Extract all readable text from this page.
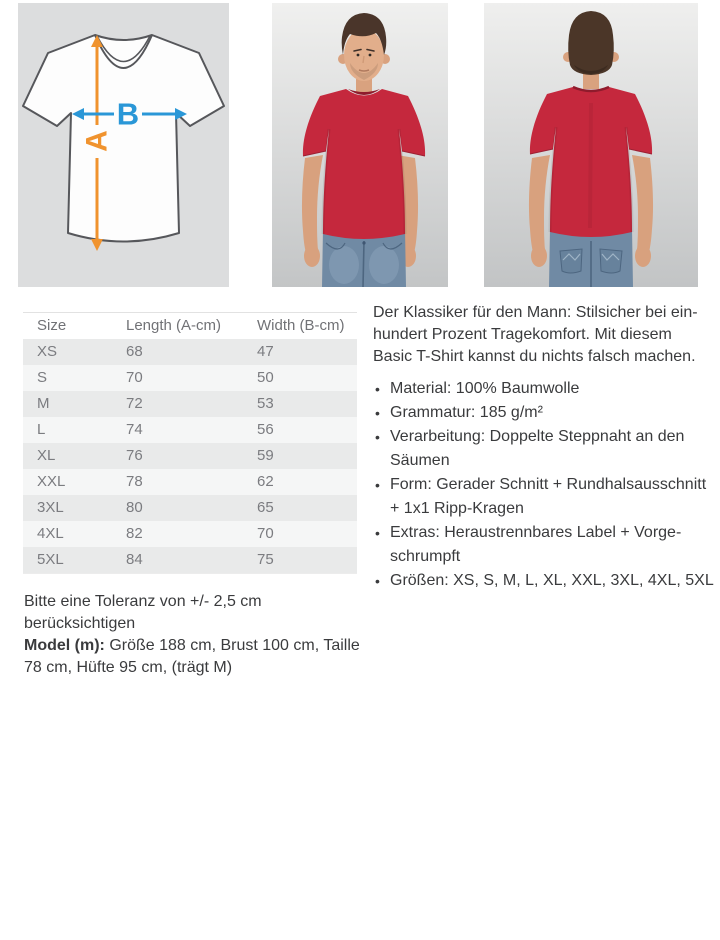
A
B
Size	Length (A-cm)	Width (B-cm)
XS	68	47
S	70	50
M	72	53
L	74	56
XL	76	59
XXL	78	62
3XL	80	65
4XL	82	70
5XL	84	75
Der Klassiker für den Mann: Stilsicher bei ein-
hundert Prozent Tragekomfort. Mit diesem
Basic T-Shirt kannst du nichts falsch machen.
• Material: 100% Baumwolle
• Grammatur: 185 g/m²
• Verarbeitung: Doppelte Steppnaht an den Säumen
• Form: Gerader Schnitt + Rundhalsausschnitt + 1x1 Ripp-Kragen
• Extras: Heraustrennbares Label + Vorgeschrumpft
• Größen: XS, S, M, L, XL, XXL, 3XL, 4XL, 5XL
Bitte eine Toleranz von +/- 2,5 cm berücksichtigen
Model (m): Größe 188 cm, Brust 100 cm, Taille 78 cm, Hüfte 95 cm, (trägt M)
